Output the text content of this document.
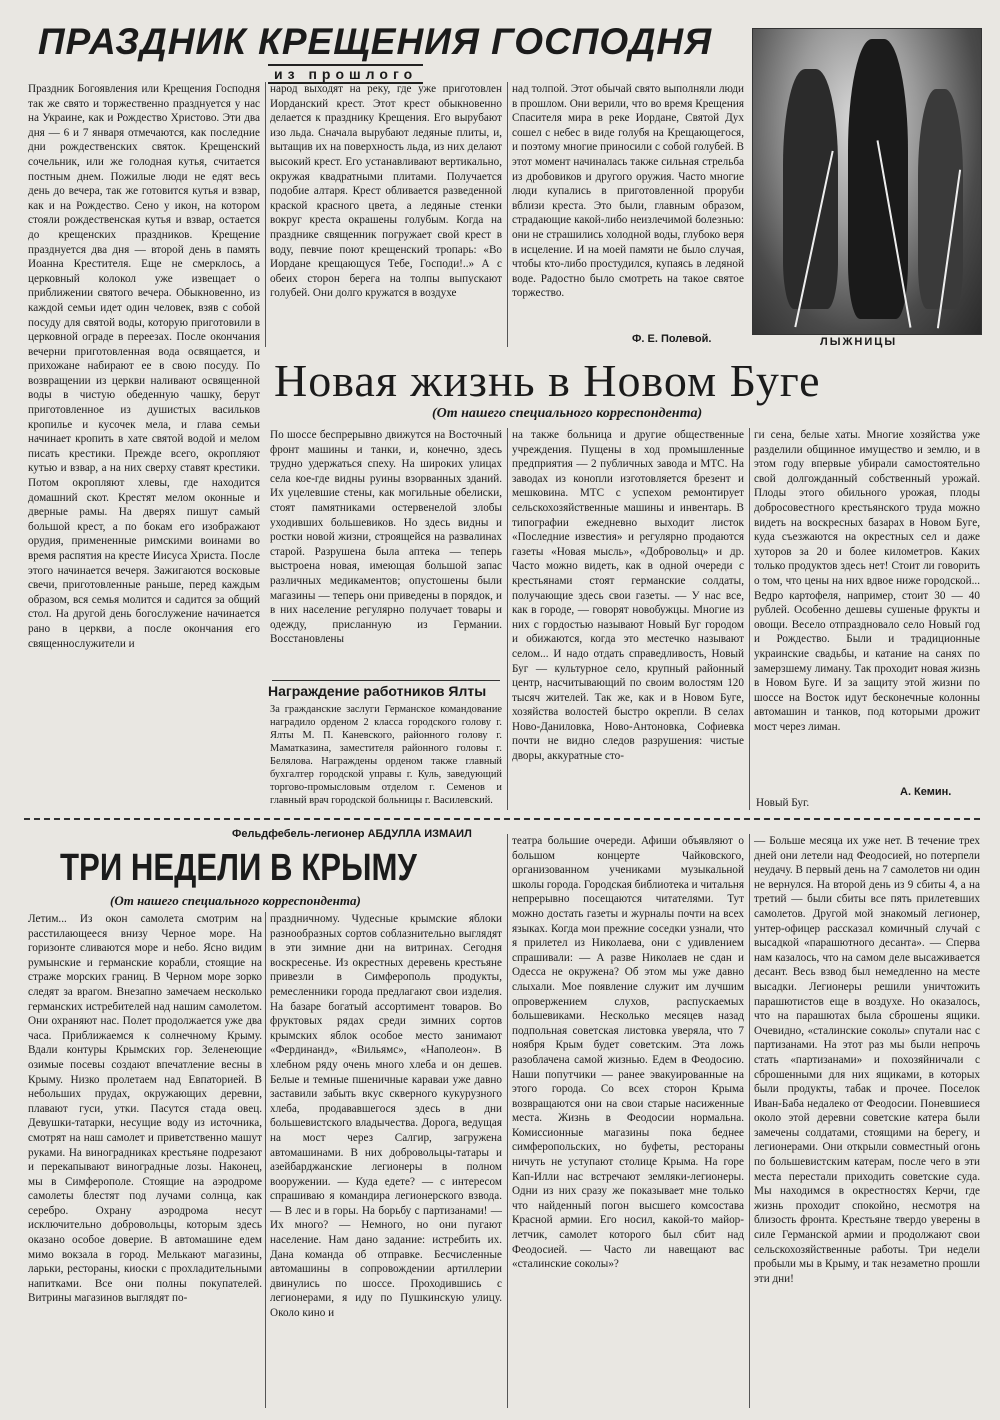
ПРАЗДНИК КРЕЩЕНИЯ ГОСПОДНЯ
из прошлого
Праздник Богоявления или Крещения Господня так же свято и торжественно празднуется у нас на Украине, как и Рождество Христово. Эти два дня — 6 и 7 января отмечаются, как последние дни рождественских святок. Крещенский сочельник, или же голодная кутья, считается постным днем. Пожилые люди не едят весь день до вечера, так же готовится кутья и взвар, как и на Рождество. Сено у икон, на котором стояли рождественская кутья и взвар, остается до крещенских праздников. Крещение празднуется два дня — второй день в память Иоанна Крестителя. Еще не смерклось, а церковный колокол уже извещает о приближении святого вечера. Обыкновенно, из каждой семьи идет один человек, взяв с собой посуду для святой воды, которую приготовили в церковной ограде в переезах. После окончания вечерни приготовленная вода освящается, и прихожане набирают ее в свою посуду. По возвращении из церкви наливают освященной воды в чистую обеденную чашку, берут приготовленное из душистых васильков кропилье и кусочек мела, и глава семьи начинает кропить в хате святой водой и мелом писать крестики. Прежде всего, окропляют кутью и взвар, а на них сверху ставят крестики. Потом окропляют хлевы, где находится домашний скот. Крестят мелом оконные и дверные рамы. На дверях пишут самый большой крест, а по бокам его изображают орудия, примененные римскими воинами во время распятия на кресте Иисуса Христа. После этого начинается вечеря. Зажигаются восковые свечи, приготовленные раньше, перед каждым образом, вся семья молится и садится за общий стол. На другой день богослужение начинается рано в церкви, а после окончания его священнослужители и
народ выходят на реку, где уже приготовлен Иорданский крест. Этот крест обыкновенно делается к празднику Крещения. Его вырубают изо льда. Сначала вырубают ледяные плиты, и, вытащив их на поверхность льда, из них делают высокий крест. Его устанавливают вертикально, окружая квадратными плитами. Получается подобие алтаря. Крест обливается разведенной краской красного цвета, а ледяные стенки вокруг креста окрашены голубым. Когда на празднике священник погружает свой крест в воду, певчие поют крещенский тропарь: «Во Иордане крещающуся Тебе, Господи!..» А с обеих сторон берега на толпы выпускают голубей. Они долго кружатся в воздухе
над толпой. Этот обычай свято выполняли люди в прошлом. Они верили, что во время Крещения Спасителя мира в реке Иордане, Святой Дух сошел с небес в виде голубя на Крещающегося, и поэтому многие приносили с собой голубей. В этот момент начиналась также сильная стрельба из дробовиков и другого оружия. Часто многие люди купались в приготовленной проруби вблизи креста. Это были, главным образом, страдающие какой-либо неизлечимой болезнью: они не страшились холодной воды, глубоко веря в исцеление. И на моей памяти не было случая, чтобы кто-либо простудился, купаясь в ледяной воде. Радостно было смотреть на такое святое торжество.
Ф. Е. Полевой.	ЛЫЖНИЦЫ
Новая жизнь в Новом Буге
(От нашего специального корреспондента)
По шоссе беспрерывно движутся на Восточный фронт машины и танки, и, конечно, здесь трудно удержаться спеху. На широких улицах села кое-где видны руины взорванных зданий. Их уцелевшие стены, как могильные обелиски, стоят памятниками остервенелой злобы уходивших большевиков. Но здесь видны и ростки новой жизни, строящейся на развалинах старой. Разрушена была аптека — теперь выстроена новая, имеющая большой запас различных медикаментов; опустошены были магазины — теперь они приведены в порядок, и в них население регулярно получает товары и одежду, присланную из Германии. Восстановлены
на также больница и другие общественные учреждения. Пущены в ход промышленные предприятия — 2 публичных завода и МТС. На заводах из конопли изготовляется брезент и мешковина. МТС с успехом ремонтирует сельскохозяйственные машины и инвентарь. В типографии ежедневно выходит листок «Последние известия» и регулярно продаются газеты «Новая мысль», «Добровольц» и др. Часто можно видеть, как в одной очереди с крестьянами стоят германские солдаты, получающие здесь свои газеты. — У нас все, как в городе, — говорят новобужцы. Многие из них с гордостью называют Новый Буг городом и обижаются, когда это местечко называют селом... И надо отдать справедливость, Новый Буг — культурное село, крупный районный центр, насчитывающий по своим волостям 120 тысяч жителей. Так же, как и в Новом Буге, хозяйства волостей быстро окрепли. В селах Ново-Даниловка, Ново-Антоновка, Софиевка почти не видно следов разрушения: чистые дворы, аккуратные сто-
ги сена, белые хаты. Многие хозяйства уже разделили общинное имущество и землю, и в этом году впервые убирали самостоятельно свой долгожданный собственный урожай. Плоды этого обильного урожая, плоды добросовестного крестьянского труда можно видеть на воскресных базарах в Новом Буге, куда съезжаются на окрестных сел и даже хуторов за 20 и более километров. Каких только продуктов здесь нет! Стоит ли говорить о том, что цены на них вдвое ниже городской... Ведро картофеля, например, стоит 30 — 40 рублей. Особенно дешевы сушеные фрукты и овощи. Весело отпраздновало село Новый год и Рождество. Были и традиционные украинские свадьбы, и катание на санях по замерзшему лиману. Так проходит новая жизнь в Новом Буге. И за защиту этой жизни по шоссе на Восток идут бесконечные колонны автомашин и танков, под которыми дрожит мост через лиман.
А. Кемин.
Новый Буг.
Награждение работников Ялты
За гражданские заслуги Германское командование наградило орденом 2 класса городского голову г. Ялты М. П. Каневского, районного голову г. Маматказина, заместителя районного головы г. Белялова. Награждены орденом также главный бухгалтер городской управы г. Куль, заведующий торгово-промысловым отделом г. Семенов и главный врач городской больницы г. Василевский.
Фельдфебель-легионер АБДУЛЛА ИЗМАИЛ
ТРИ НЕДЕЛИ В КРЫМУ
(От нашего специального корреспондента)
Летим... Из окон самолета смотрим на расстилающееся внизу Черное море. На горизонте сливаются море и небо. Ясно видим румынские и германские корабли, стоящие на страже морских границ. В Черном море зорко следят за врагом. Внезапно замечаем несколько германских истребителей над нашим самолетом. Они охраняют нас. Полет продолжается уже два часа. Приближаемся к солнечному Крыму. Вдали контуры Крымских гор. Зеленеющие озимые посевы создают впечатление весны в Крыму. Низко пролетаем над Евпаторией. В небольших прудах, окружающих деревни, плавают гуси, утки. Пасутся стада овец. Девушки-татарки, несущие воду из источника, смотрят на наш самолет и приветственно машут руками. На виноградниках крестьяне подрезают и перекапывают виноградные лозы. Наконец, мы в Симферополе. Стоящие на аэродроме самолеты блестят под лучами солнца, как серебро. Охрану аэродрома несут исключительно добровольцы, которым здесь оказано особое доверие. В автомашине едем мимо вокзала в город. Мелькают магазины, ларьки, рестораны, киоски с прохладительными напитками. Все они полны покупателей. Витрины магазинов выглядят по-
праздничному. Чудесные крымские яблоки разнообразных сортов соблазнительно выглядят в эти зимние дни на витринах. Сегодня воскресенье. Из окрестных деревень крестьяне привезли в Симферополь продукты, ремесленники города предлагают свои изделия. На базаре богатый ассортимент товаров. Во фруктовых рядах среди зимних сортов крымских яблок особое место занимают «Фердинанд», «Вильямс», «Наполеон». В хлебном ряду очень много хлеба и он дешев. Белые и темные пшеничные караваи уже давно заставили забыть вкус скверного кукурузного хлеба, продававшегося здесь в дни большевистского владычества. Дорога, ведущая на мост через Салгир, загружена автомашинами. В них добровольцы-татары и азейбарджанские легионеры в полном вооружении. — Куда едете? — с интересом спрашиваю я командира легионерского взвода. — В лес и в горы. На борьбу с партизанами! — Их много? — Немного, но они пугают население. Нам дано задание: истребить их. Дана команда об отправке. Бесчисленные автомашины в сопровождении артиллерии двинулись по шоссе. Проходившись с легионерами, я иду по Пушкинскую улицу. Около кино и
театра большие очереди. Афиши объявляют о большом концерте Чайковского, организованном учениками музыкальной школы города. Городская библиотека и читальня непрерывно посещаются читателями. Тут можно достать газеты и журналы почти на всех языках. Когда мои прежние соседки узнали, что я прилетел из Николаева, они с удивлением спрашивали: — А разве Николаев не сдан и Одесса не окружена? Об этом мы уже давно слыхали. Мое появление служит им лучшим опровержением слухов, распускаемых большевиками. Несколько месяцев назад подпольная советская листовка уверяла, что 7 ноября Крым будет советским. Эта ложь разоблачена самой жизнью. Едем в Феодосию. Наши попутчики — ранее эвакуированные на этого города. Со всех сторон Крыма возвращаются они на свои старые насиженные места. Жизнь в Феодосии нормальна. Комиссионные магазины пока беднее симферопольских, но буфеты, рестораны ничуть не уступают столице Крыма. На горе Кап-Илли нас встречают земляки-легионеры. Одни из них сразу же показывает мне только что найденный погон высшего комсостава Красной армии. Его носил, какой-то майор-летчик, самолет которого был сбит над Феодосией. — Часто ли навещают вас «сталинские соколы»?
— Больше месяца их уже нет. В течение трех дней они летели над Феодосией, но потерпели неудачу. В первый день на 7 самолетов ни один не вернулся. На второй день из 9 сбиты 4, а на третий — были сбиты все пять прилетевших самолетов. Другой мой знакомый легионер, унтер-офицер рассказал комичный случай с высадкой «парашютного десанта». — Сперва нам казалось, что на самом деле высаживается десант. Весь взвод был немедленно на месте высадки. Легионеры решили уничтожить парашютистов еще в воздухе. Но оказалось, что на парашютах была сброшены ящики. Очевидно, «сталинские соколы» спутали нас с партизанами. На этот раз мы были непрочь стать «партизанами» и похозяйничали с сброшенными для них ящиками, в которых были продукты, табак и прочее. Поселок Иван-Баба недалеко от Феодосии. Поневшиеся около этой деревни советские катера были замечены солдатами, стоящими на берегу, и легионерами. Они открыли совместный огонь по большевистским катерам, после чего в эти места перестали приходить советские суда. Мы находимся в окрестностях Керчи, где жизнь проходит спокойно, несмотря на близость фронта. Крестьяне твердо уверены в силе Германской армии и продолжают свои сельскохозяйственные работы. Три недели пробыли мы в Крыму, и так незаметно прошли эти дни!
